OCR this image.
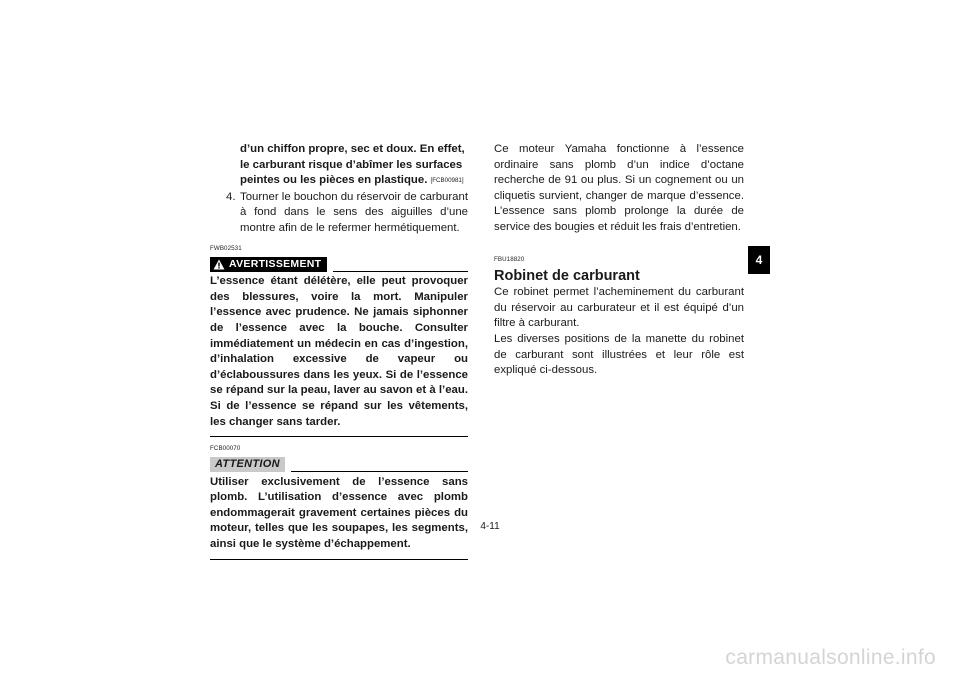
d’un chiffon propre, sec et doux. En effet,
le carburant risque d’abîmer les surfaces
peintes ou les pièces en plastique. [FCB00981]
4. Tourner le bouchon du réservoir de carburant à fond dans le sens des aiguilles d’une montre afin de le refermer hermétiquement.
FWB02531
AVERTISSEMENT
L’essence étant délétère, elle peut provoquer des blessures, voire la mort. Manipuler l’essence avec prudence. Ne jamais siphonner de l’essence avec la bouche. Consulter immédiatement un médecin en cas d’ingestion, d’inhalation excessive de vapeur ou d’éclaboussures dans les yeux. Si de l’essence se répand sur la peau, laver au savon et à l’eau. Si de l’essence se répand sur les vêtements, les changer sans tarder.
FCB00070
ATTENTION
Utiliser exclusivement de l’essence sans plomb. L’utilisation d’essence avec plomb endommagerait gravement certaines pièces du moteur, telles que les soupapes, les segments, ainsi que le système d’échappement.
Ce moteur Yamaha fonctionne à l’essence ordinaire sans plomb d’un indice d’octane recherche de 91 ou plus. Si un cognement ou un cliquetis survient, changer de marque d’essence. L’essence sans plomb prolonge la durée de service des bougies et réduit les frais d’entretien.
FBU18820
Robinet de carburant
Ce robinet permet l’acheminement du carburant du réservoir au carburateur et il est équipé d’un filtre à carburant.
Les diverses positions de la manette du robinet de carburant sont illustrées et leur rôle est expliqué ci-dessous.
4
4-11
carmanualsonline.info
